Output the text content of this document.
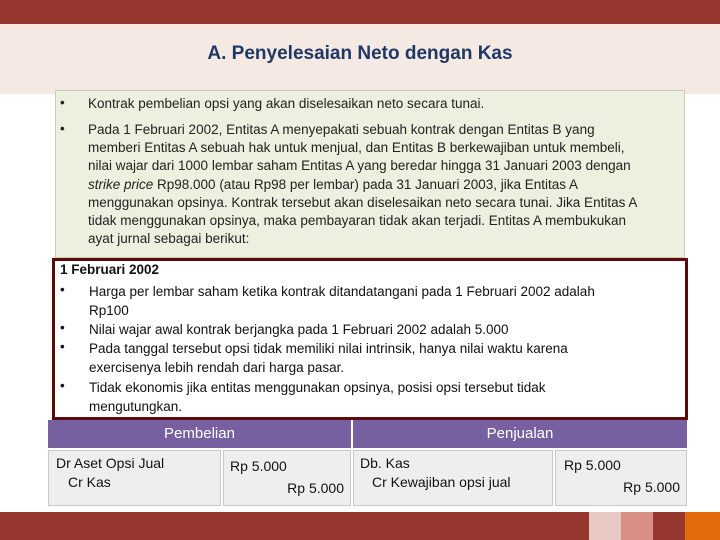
A. Penyelesaian Neto dengan Kas
• Kontrak pembelian opsi yang akan diselesaikan neto secara tunai.
• Pada 1 Februari 2002, Entitas A menyepakati sebuah kontrak dengan Entitas B yang
memberi Entitas A sebuah hak untuk menjual, dan Entitas B berkewajiban untuk membeli,
nilai wajar dari 1000 lembar saham Entitas A yang beredar hingga 31 Januari 2003 dengan
strike price Rp98.000 (atau Rp98 per lembar) pada 31 Januari 2003, jika Entitas A
menggunakan opsinya. Kontrak tersebut akan diselesaikan neto secara tunai. Jika Entitas A
tidak menggunakan opsinya, maka pembayaran tidak akan terjadi. Entitas A membukukan
ayat jurnal sebagai berikut:
1 Februari 2002
• Harga per lembar saham ketika kontrak ditandatangani pada 1 Februari 2002 adalah
Rp100
• Nilai wajar awal kontrak berjangka pada 1 Februari 2002 adalah 5.000
• Pada tanggal tersebut opsi tidak memiliki nilai intrinsik, hanya nilai waktu karena
exercisenya lebih rendah dari harga pasar.
• Tidak ekonomis jika entitas menggunakan opsinya, posisi opsi tersebut tidak
mengutungkan.
Pembelian	Penjualan
Dr Aset Opsi Jual
Cr Kas
Rp 5.000
Rp 5.000
Db. Kas
Cr Kewajiban opsi jual
Rp 5.000
Rp 5.000
